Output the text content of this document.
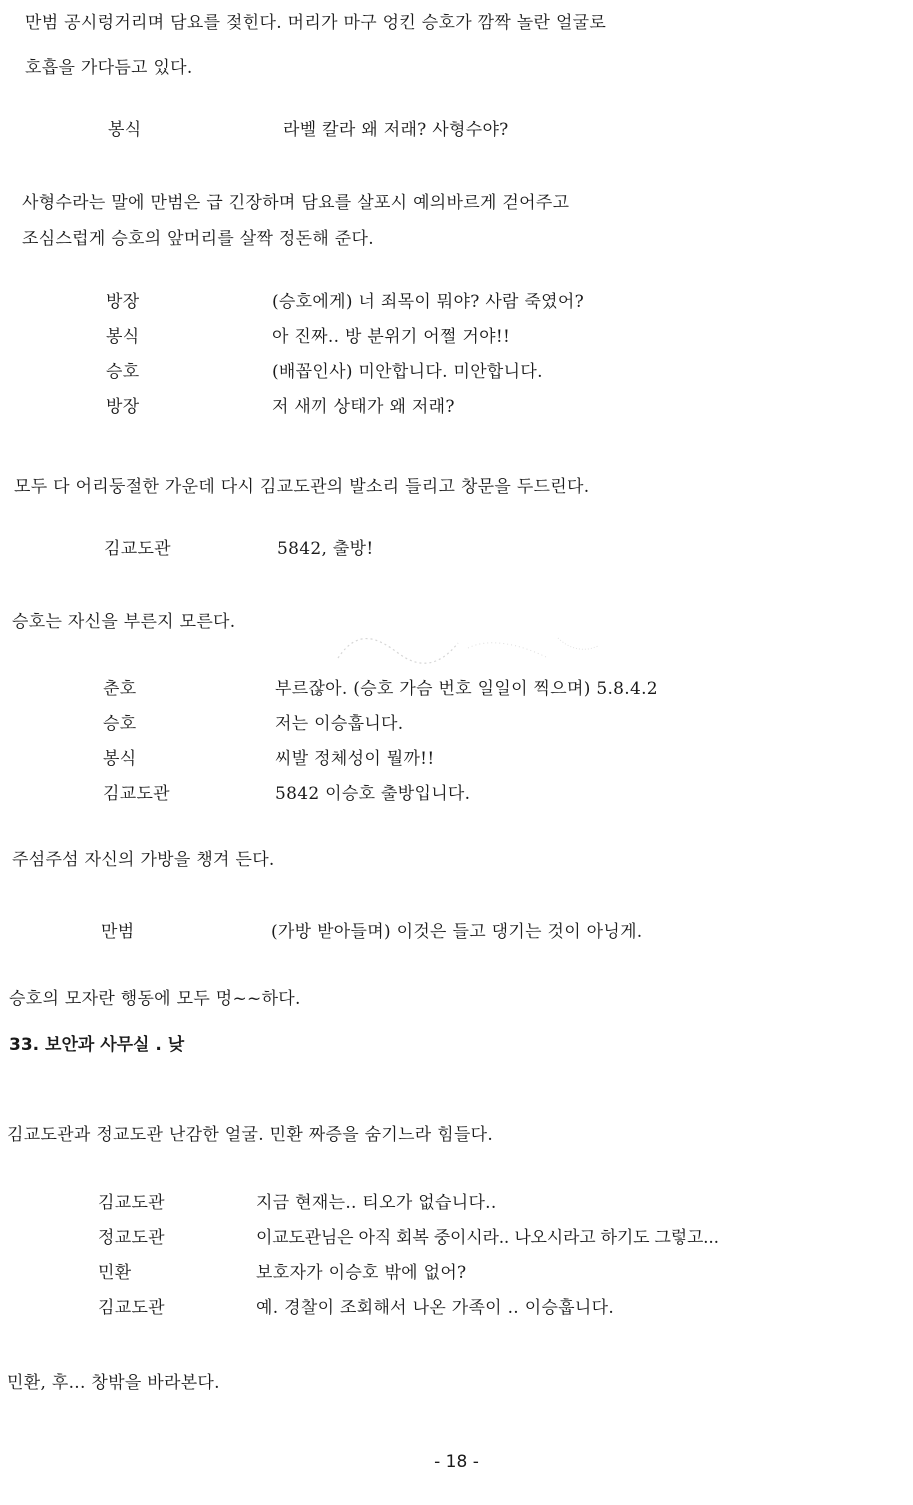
만범 공시렁거리며 담요를 젖힌다. 머리가 마구 엉킨 승호가 깜짝 놀란 얼굴로
호흡을 가다듬고 있다.
봉식	라벨 칼라 왜 저래? 사형수야?
사형수라는 말에 만범은 급 긴장하며 담요를 살포시 예의바르게 걷어주고
조심스럽게 승호의 앞머리를 살짝 정돈해 준다.
방장	(승호에게) 너 죄목이 뭐야? 사람 죽였어?
봉식	아 진짜.. 방 분위기 어쩔 거야!!
승호	(배꼽인사) 미안합니다. 미안합니다.
방장	저 새끼 상태가 왜 저래?
모두 다 어리둥절한 가운데 다시 김교도관의 발소리 들리고 창문을 두드린다.
김교도관	5842, 출방!
승호는 자신을 부른지 모른다.
춘호	부르잖아. (승호 가슴 번호 일일이 찍으며) 5.8.4.2
승호	저는 이승훕니다.
봉식	씨발 정체성이 뭘까!!
김교도관	5842 이승호 출방입니다.
주섬주섬 자신의 가방을 챙겨 든다.
만범	(가방 받아들며) 이것은 들고 댕기는 것이 아닝게.
승호의 모자란 행동에 모두 멍~~하다.
33. 보안과 사무실 . 낮
김교도관과 정교도관 난감한 얼굴. 민환 짜증을 숨기느라 힘들다.
김교도관	지금 현재는.. 티오가 없습니다..
정교도관	이교도관님은 아직 회복 중이시라.. 나오시라고 하기도 그렇고...
민환	보호자가 이승호 밖에 없어?
김교도관	예. 경찰이 조회해서 나온 가족이 .. 이승훕니다.
민환, 후... 창밖을 바라본다.
- 18 -
